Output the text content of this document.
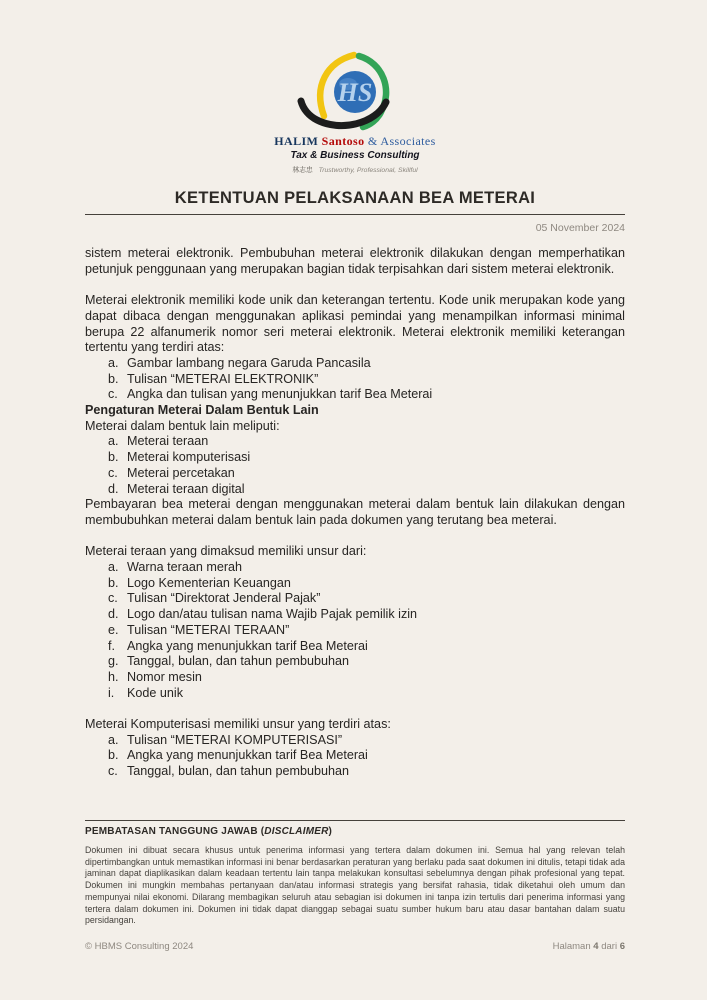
HS
HALIM Santoso & Associates
Tax & Business Consulting
林志忠 Trustworthy, Professional, Skillful
KETENTUAN PELAKSANAAN BEA METERAI
05 November 2024

sistem meterai elektronik. Pembubuhan meterai elektronik dilakukan dengan memperhatikan petunjuk penggunaan yang merupakan bagian tidak terpisahkan dari sistem meterai elektronik.

Meterai elektronik memiliki kode unik dan keterangan tertentu. Kode unik merupakan kode yang dapat dibaca dengan menggunakan aplikasi pemindai yang menampilkan informasi minimal berupa 22 alfanumerik nomor seri meterai elektronik. Meterai elektronik memiliki keterangan tertentu yang terdiri atas:

a. Gambar lambang negara Garuda Pancasila
b. Tulisan “METERAI ELEKTRONIK”
c. Angka dan tulisan yang menunjukkan tarif Bea Meterai

Pengaturan Meterai Dalam Bentuk Lain

Meterai dalam bentuk lain meliputi:

a. Meterai teraan
b. Meterai komputerisasi
c. Meterai percetakan
d. Meterai teraan digital

Pembayaran bea meterai dengan menggunakan meterai dalam bentuk lain dilakukan dengan membubuhkan meterai dalam bentuk lain pada dokumen yang terutang bea meterai.

Meterai teraan yang dimaksud memiliki unsur dari:

a. Warna teraan merah
b. Logo Kementerian Keuangan
c. Tulisan “Direktorat Jenderal Pajak”
d. Logo dan/atau tulisan nama Wajib Pajak pemilik izin
e. Tulisan “METERAI TERAAN”
f. Angka yang menunjukkan tarif Bea Meterai
g. Tanggal, bulan, dan tahun pembubuhan
h. Nomor mesin
i.	Kode unik

Meterai Komputerisasi memiliki unsur yang terdiri atas:

a. Tulisan “METERAI KOMPUTERISASI”
b. Angka yang menunjukkan tarif Bea Meterai
c. Tanggal, bulan, dan tahun pembubuhan
PEMBATASAN TANGGUNG JAWAB (DISCLAIMER)
Dokumen ini dibuat secara khusus untuk penerima informasi yang tertera dalam dokumen ini. Semua hal yang relevan telah dipertimbangkan untuk memastikan informasi ini benar berdasarkan peraturan yang berlaku pada saat dokumen ini ditulis, tetapi tidak ada jaminan dapat diaplikasikan dalam keadaan tertentu lain tanpa melakukan konsultasi sebelumnya dengan pihak profesional yang tepat. Dokumen ini mungkin membahas pertanyaan dan/atau informasi strategis yang bersifat rahasia, tidak diketahui oleh umum dan mempunyai nilai ekonomi. Dilarang membagikan seluruh atau sebagian isi dokumen ini tanpa izin tertulis dari penerima informasi yang tertera dalam dokumen ini. Dokumen ini tidak dapat dianggap sebagai suatu sumber hukum baru atau dasar bantahan dalam suatu persidangan.
© HBMS Consulting 2024	Halaman 4 dari 6
